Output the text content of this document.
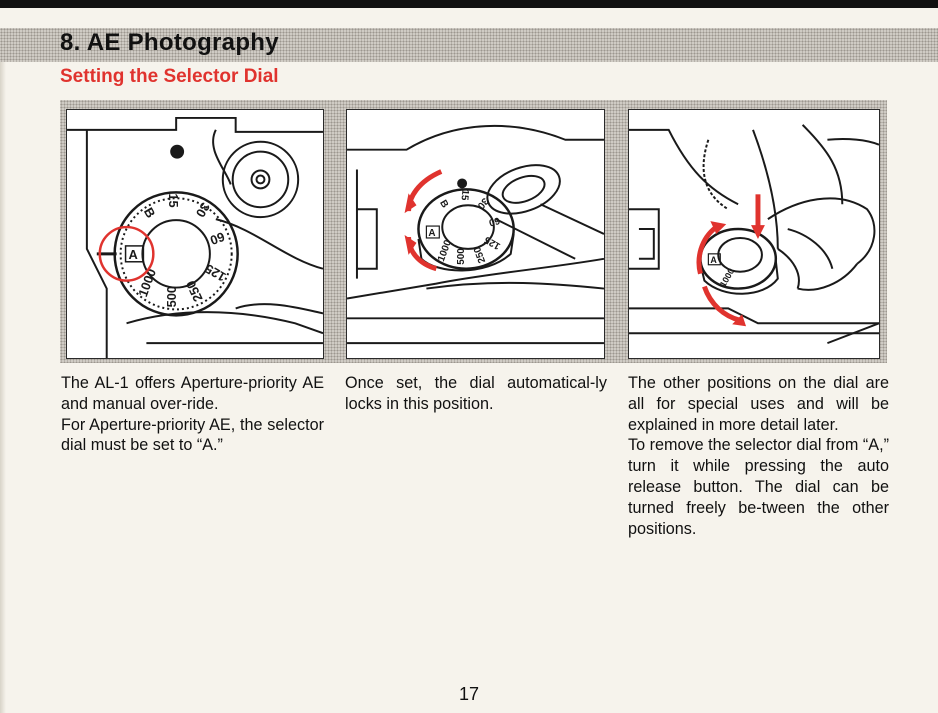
8. AE Photography
Setting the Selector Dial
A
1000 500 250
125
60
30
15
B
A
1000 500 250
125
60
30
15
B
A
1000

The AL-1 offers Aperture-priority AE and manual over-ride.

For Aperture-priority AE, the selector dial must be set to “A.”

Once set, the dial automatical-ly locks in this position.

The other positions on the dial are all for special uses and will be explained in more detail later.

To remove the selector dial from “A,” turn it while pressing the auto release button. The dial can be turned freely be-tween the other positions.

17
